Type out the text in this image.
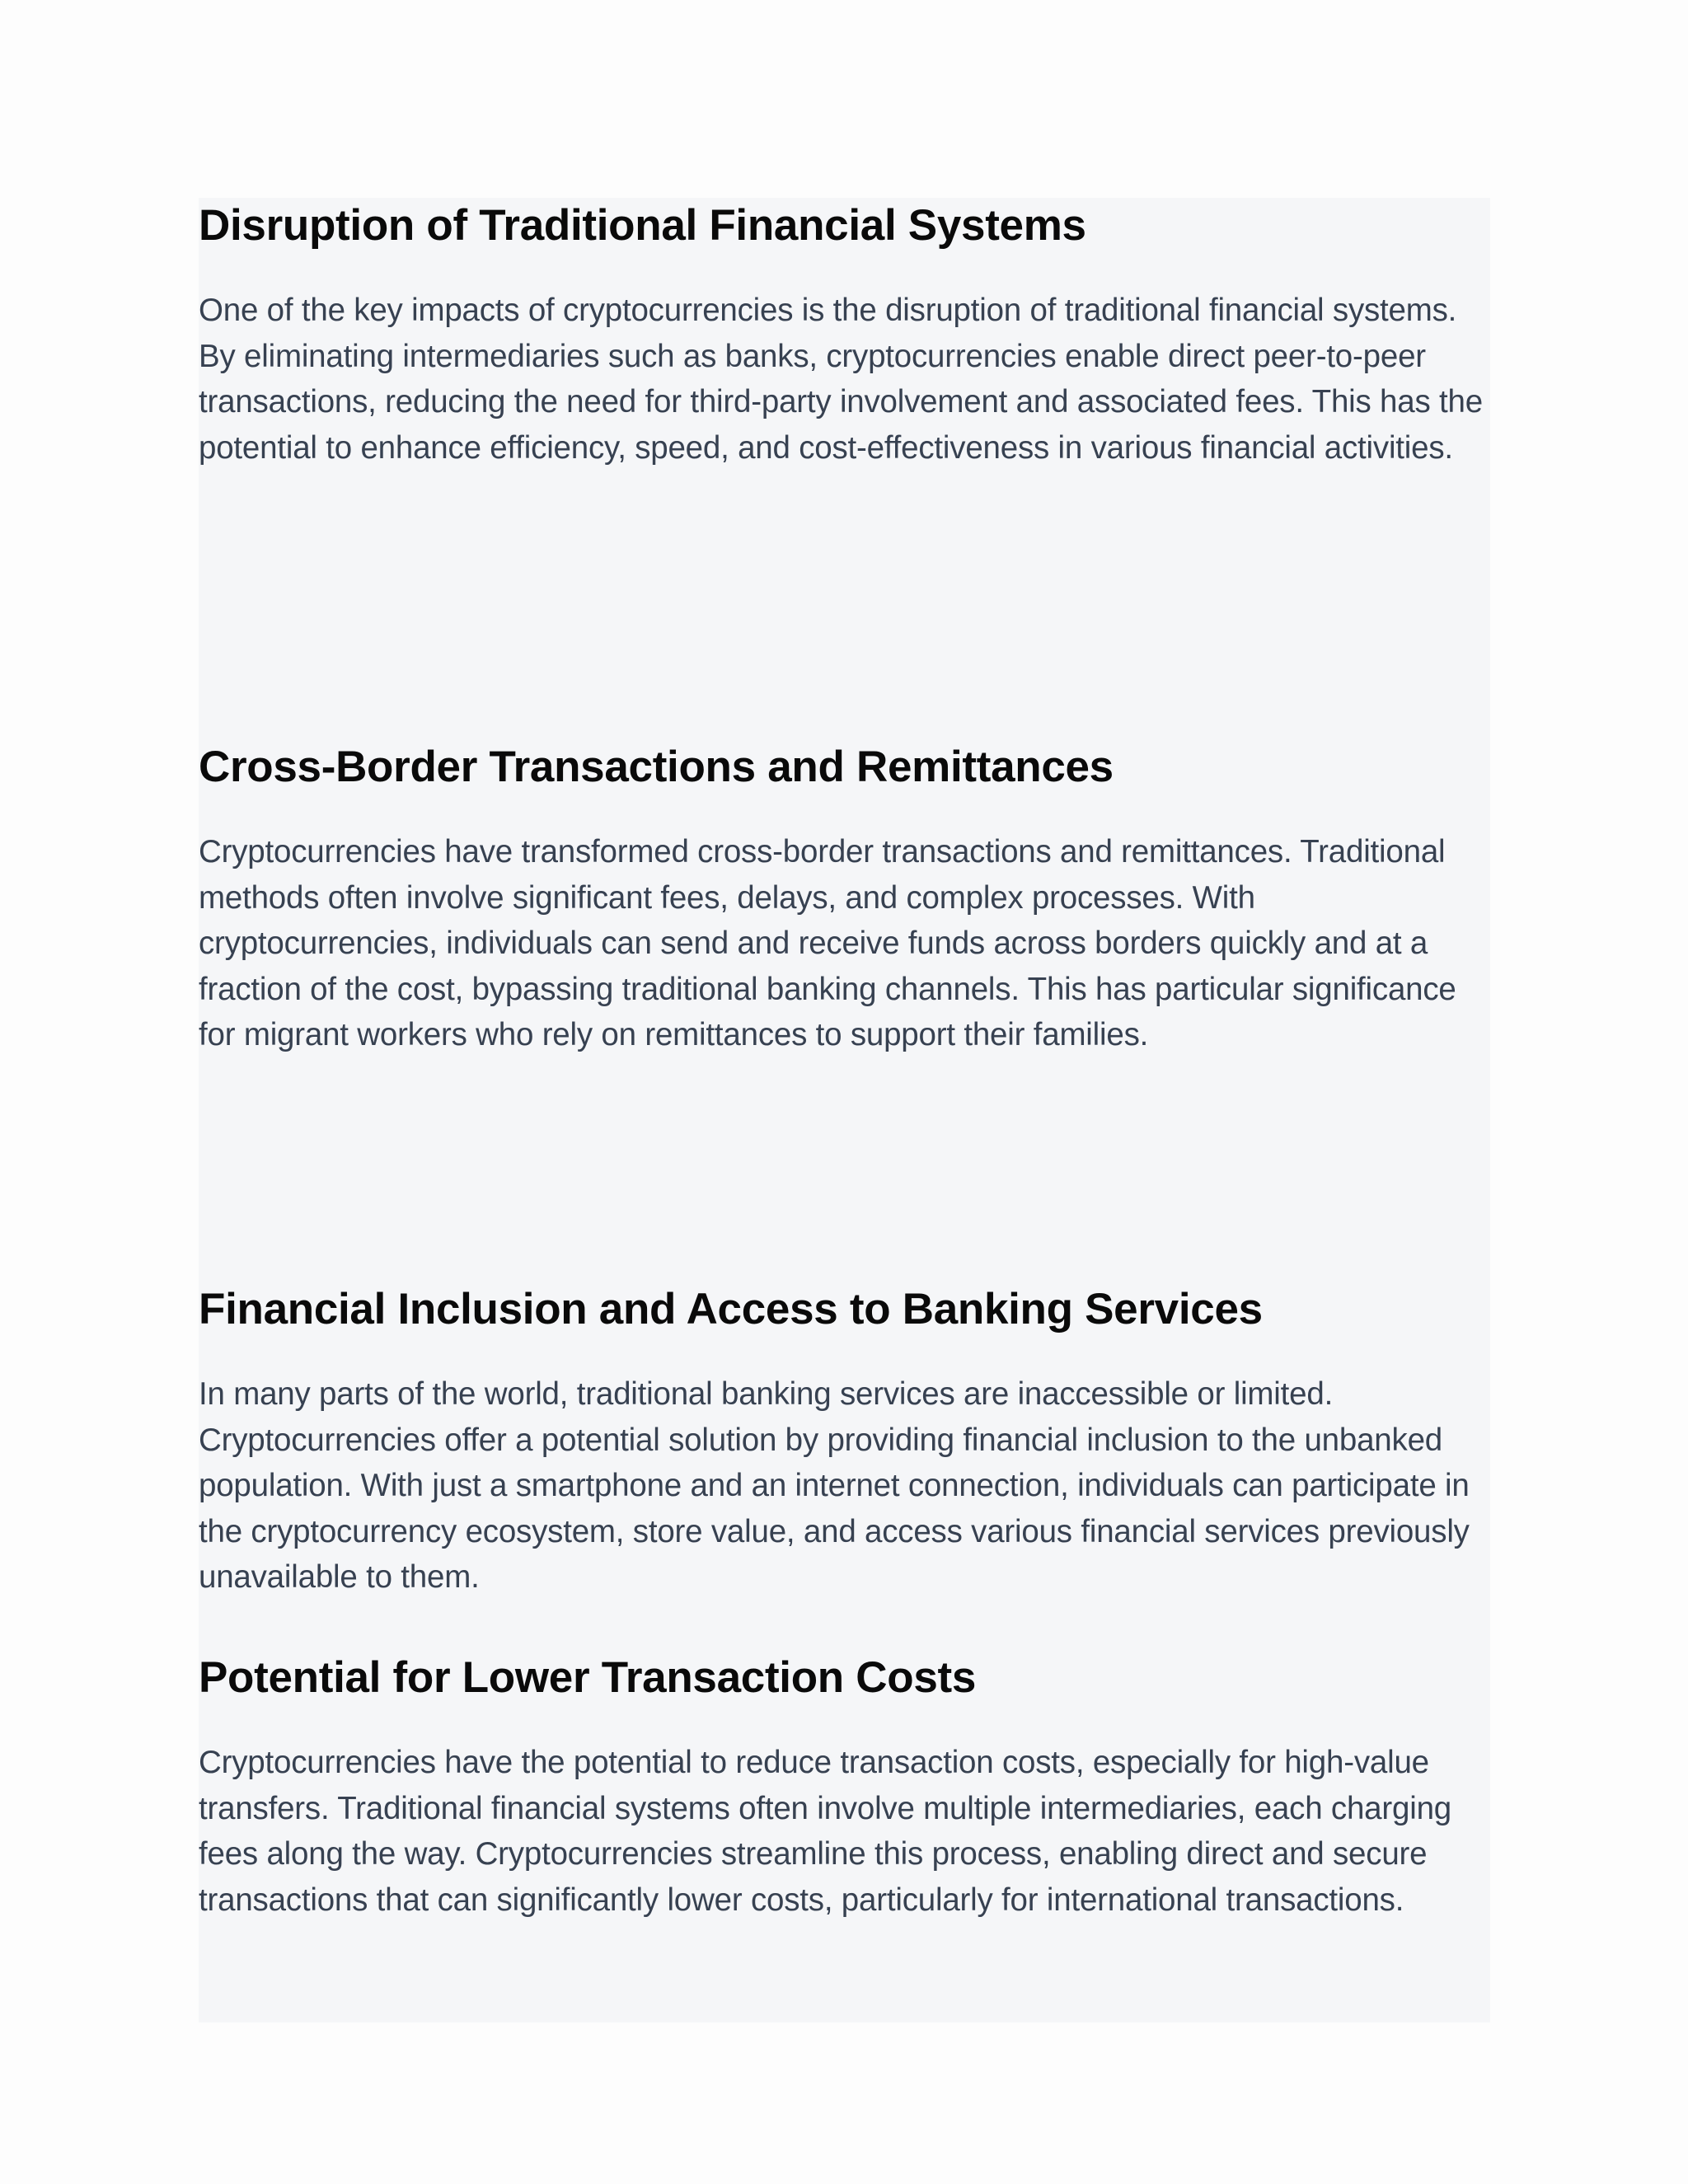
Disruption of Traditional Financial Systems

One of the key impacts of cryptocurrencies is the disruption of traditional financial systems. By eliminating intermediaries such as banks, cryptocurrencies enable direct peer-to-peer transactions, reducing the need for third-party involvement and associated fees. This has the potential to enhance efficiency, speed, and cost-effectiveness in various financial activities.

Cross-Border Transactions and Remittances

Cryptocurrencies have transformed cross-border transactions and remittances. Traditional methods often involve significant fees, delays, and complex processes. With cryptocurrencies, individuals can send and receive funds across borders quickly and at a fraction of the cost, bypassing traditional banking channels. This has particular significance for migrant workers who rely on remittances to support their families.

Financial Inclusion and Access to Banking Services

In many parts of the world, traditional banking services are inaccessible or limited. Cryptocurrencies offer a potential solution by providing financial inclusion to the unbanked population. With just a smartphone and an internet connection, individuals can participate in the cryptocurrency ecosystem, store value, and access various financial services previously unavailable to them.

Potential for Lower Transaction Costs

Cryptocurrencies have the potential to reduce transaction costs, especially for high-value transfers. Traditional financial systems often involve multiple intermediaries, each charging fees along the way. Cryptocurrencies streamline this process, enabling direct and secure transactions that can significantly lower costs, particularly for international transactions.
